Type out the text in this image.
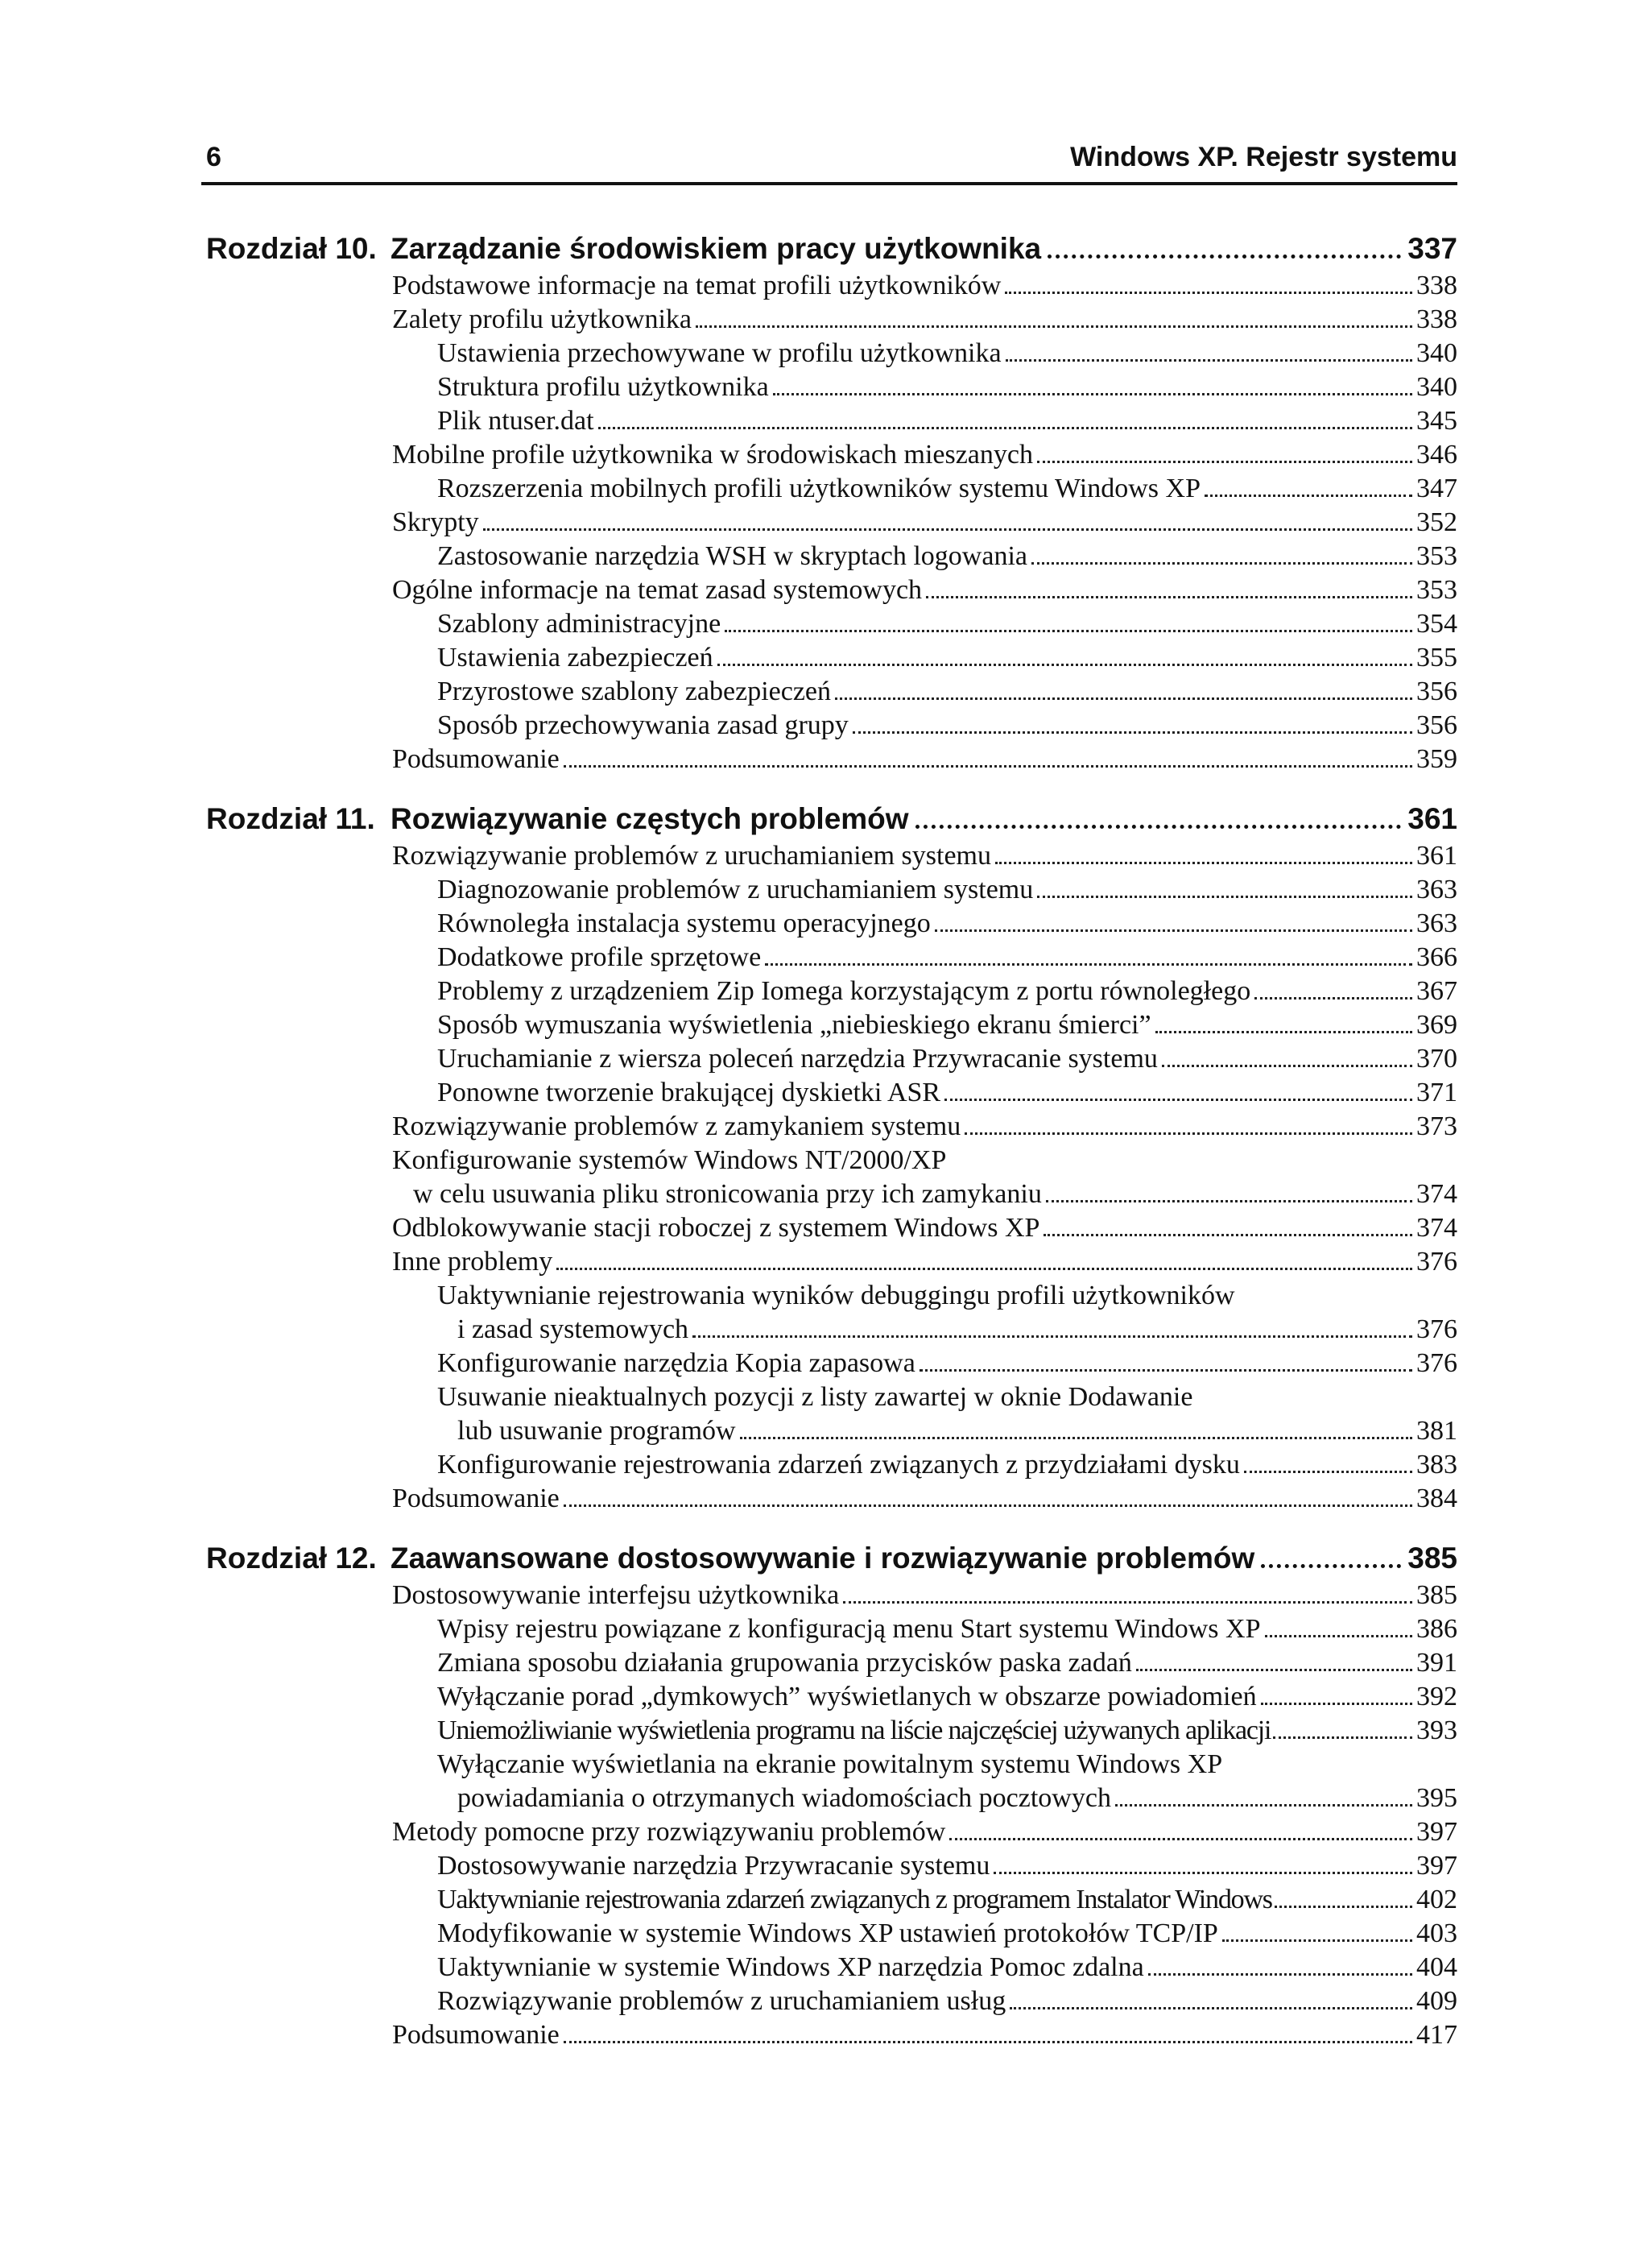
6	Windows XP. Rejestr systemu
Rozdział 10. Zarządzanie środowiskiem pracy użytkownika	337
Podstawowe informacje na temat profili użytkowników	338
Zalety profilu użytkownika	338
Ustawienia przechowywane w profilu użytkownika	340
Struktura profilu użytkownika	340
Plik ntuser.dat	345
Mobilne profile użytkownika w środowiskach mieszanych	346
Rozszerzenia mobilnych profili użytkowników systemu Windows XP	347
Skrypty	352
Zastosowanie narzędzia WSH w skryptach logowania	353
Ogólne informacje na temat zasad systemowych	353
Szablony administracyjne	354
Ustawienia zabezpieczeń	355
Przyrostowe szablony zabezpieczeń	356
Sposób przechowywania zasad grupy	356
Podsumowanie	359
Rozdział 11. Rozwiązywanie częstych problemów	361
Rozwiązywanie problemów z uruchamianiem systemu	361
Diagnozowanie problemów z uruchamianiem systemu	363
Równoległa instalacja systemu operacyjnego	363
Dodatkowe profile sprzętowe	366
Problemy z urządzeniem Zip Iomega korzystającym z portu równoległego	367
Sposób wymuszania wyświetlenia „niebieskiego ekranu śmierci”	369
Uruchamianie z wiersza poleceń narzędzia Przywracanie systemu	370
Ponowne tworzenie brakującej dyskietki ASR	371
Rozwiązywanie problemów z zamykaniem systemu	373
Konfigurowanie systemów Windows NT/2000/XP
w celu usuwania pliku stronicowania przy ich zamykaniu	374
Odblokowywanie stacji roboczej z systemem Windows XP	374
Inne problemy	376
Uaktywnianie rejestrowania wyników debuggingu profili użytkowników
i zasad systemowych	376
Konfigurowanie narzędzia Kopia zapasowa	376
Usuwanie nieaktualnych pozycji z listy zawartej w oknie Dodawanie
lub usuwanie programów	381
Konfigurowanie rejestrowania zdarzeń związanych z przydziałami dysku	383
Podsumowanie	384
Rozdział 12. Zaawansowane dostosowywanie i rozwiązywanie problemów	385
Dostosowywanie interfejsu użytkownika	385
Wpisy rejestru powiązane z konfiguracją menu Start systemu Windows XP	386
Zmiana sposobu działania grupowania przycisków paska zadań	391
Wyłączanie porad „dymkowych” wyświetlanych w obszarze powiadomień	392
Uniemożliwianie wyświetlenia programu na liście najczęściej używanych aplikacji	393
Wyłączanie wyświetlania na ekranie powitalnym systemu Windows XP
powiadamiania o otrzymanych wiadomościach pocztowych	395
Metody pomocne przy rozwiązywaniu problemów	397
Dostosowywanie narzędzia Przywracanie systemu	397
Uaktywnianie rejestrowania zdarzeń związanych z programem Instalator Windows	402
Modyfikowanie w systemie Windows XP ustawień protokołów TCP/IP	403
Uaktywnianie w systemie Windows XP narzędzia Pomoc zdalna	404
Rozwiązywanie problemów z uruchamianiem usług	409
Podsumowanie	417
